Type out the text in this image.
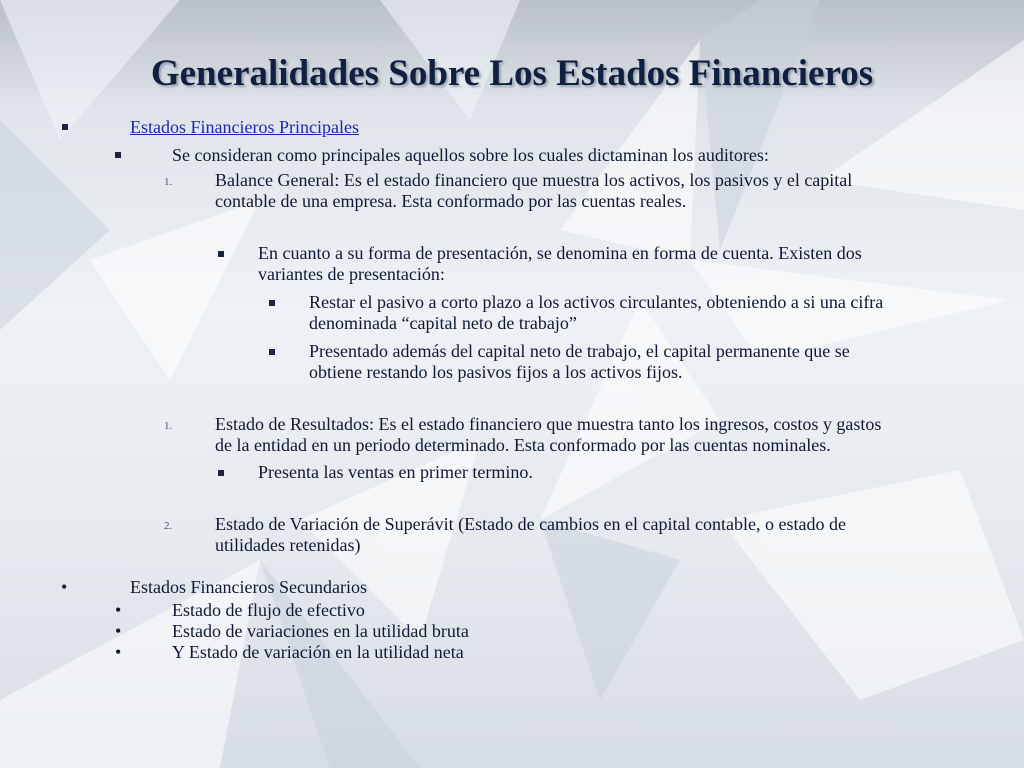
Generalidades Sobre Los Estados Financieros
Estados Financieros Principales
Se consideran como principales aquellos sobre los cuales dictaminan los auditores:
1. Balance General: Es el estado financiero que muestra los activos, los pasivos y el capital
contable de una empresa. Esta conformado por las cuentas reales.
En cuanto a su forma de presentación, se denomina en forma de cuenta. Existen dos
variantes de presentación:
Restar el pasivo a corto plazo a los activos circulantes, obteniendo a si una cifra
denominada “capital neto de trabajo”
Presentado además del capital neto de trabajo, el capital permanente que se
obtiene restando los pasivos fijos a los activos fijos.
1. Estado de Resultados: Es el estado financiero que muestra tanto los ingresos, costos y gastos
de la entidad en un periodo determinado. Esta conformado por las cuentas nominales.
Presenta las ventas en primer termino.
2. Estado de Variación de Superávit (Estado de cambios en el capital contable, o estado de
utilidades retenidas)
•	Estados Financieros Secundarios
•	Estado de flujo de efectivo
•	Estado de variaciones en la utilidad bruta
•	Y Estado de variación en la utilidad neta
